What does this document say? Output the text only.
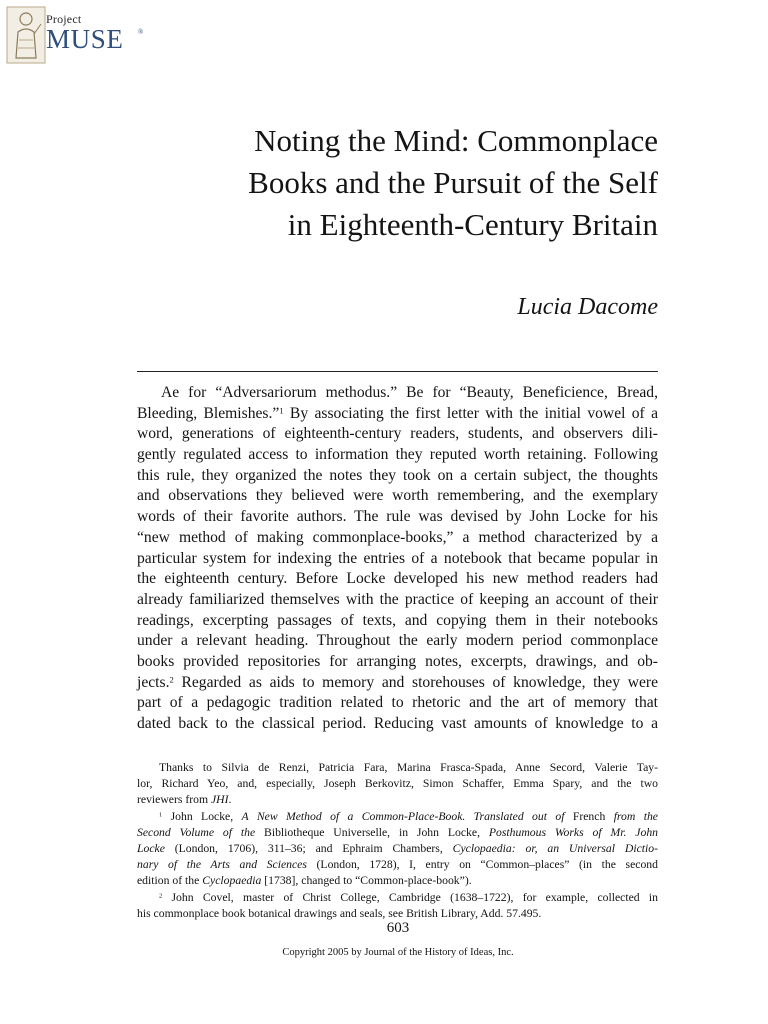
Project
MUSE ®
Noting the Mind: Commonplace
Books and the Pursuit of the Self
in Eighteenth-Century Britain
Lucia Dacome
Ae for “Adversariorum methodus.” Be for “Beauty, Beneficience, Bread,
Bleeding, Blemishes.”$^1$ By associating the first letter with the initial vowel of a
word, generations of eighteenth-century readers, students, and observers dili-
gently regulated access to information they reputed worth retaining. Following
this rule, they organized the notes they took on a certain subject, the thoughts
and observations they believed were worth remembering, and the exemplary
words of their favorite authors. The rule was devised by John Locke for his
“new method of making commonplace-books,” a method characterized by a
particular system for indexing the entries of a notebook that became popular in
the eighteenth century. Before Locke developed his new method readers had
already familiarized themselves with the practice of keeping an account of their
readings, excerpting passages of texts, and copying them in their notebooks
under a relevant heading. Throughout the early modern period commonplace
books provided repositories for arranging notes, excerpts, drawings, and ob-
jects.$^2$ Regarded as aids to memory and storehouses of knowledge, they were
part of a pedagogic tradition related to rhetoric and the art of memory that
dated back to the classical period. Reducing vast amounts of knowledge to a
Thanks to Silvia de Renzi, Patricia Fara, Marina Frasca-Spada, Anne Secord, Valerie Tay-
lor, Richard Yeo, and, especially, Joseph Berkovitz, Simon Schaffer, Emma Spary, and the two
reviewers from JHI.
$^1$ John Locke, A New Method of a Common-Place-Book. Translated out of French from the
Second Volume of the Bibliotheque Universelle, in John Locke, Posthumous Works of Mr. John
Locke (London, 1706), 311–36; and Ephraim Chambers, Cyclopaedia: or, an Universal Dictio-
nary of the Arts and Sciences (London, 1728), I, entry on “Common–places” (in the second
edition of the Cyclopaedia [1738], changed to “Common-place-book”).
$^2$ John Covel, master of Christ College, Cambridge (1638–1722), for example, collected in
his commonplace book botanical drawings and seals, see British Library, Add. 57.495.
603
Copyright 2005 by Journal of the History of Ideas, Inc.
